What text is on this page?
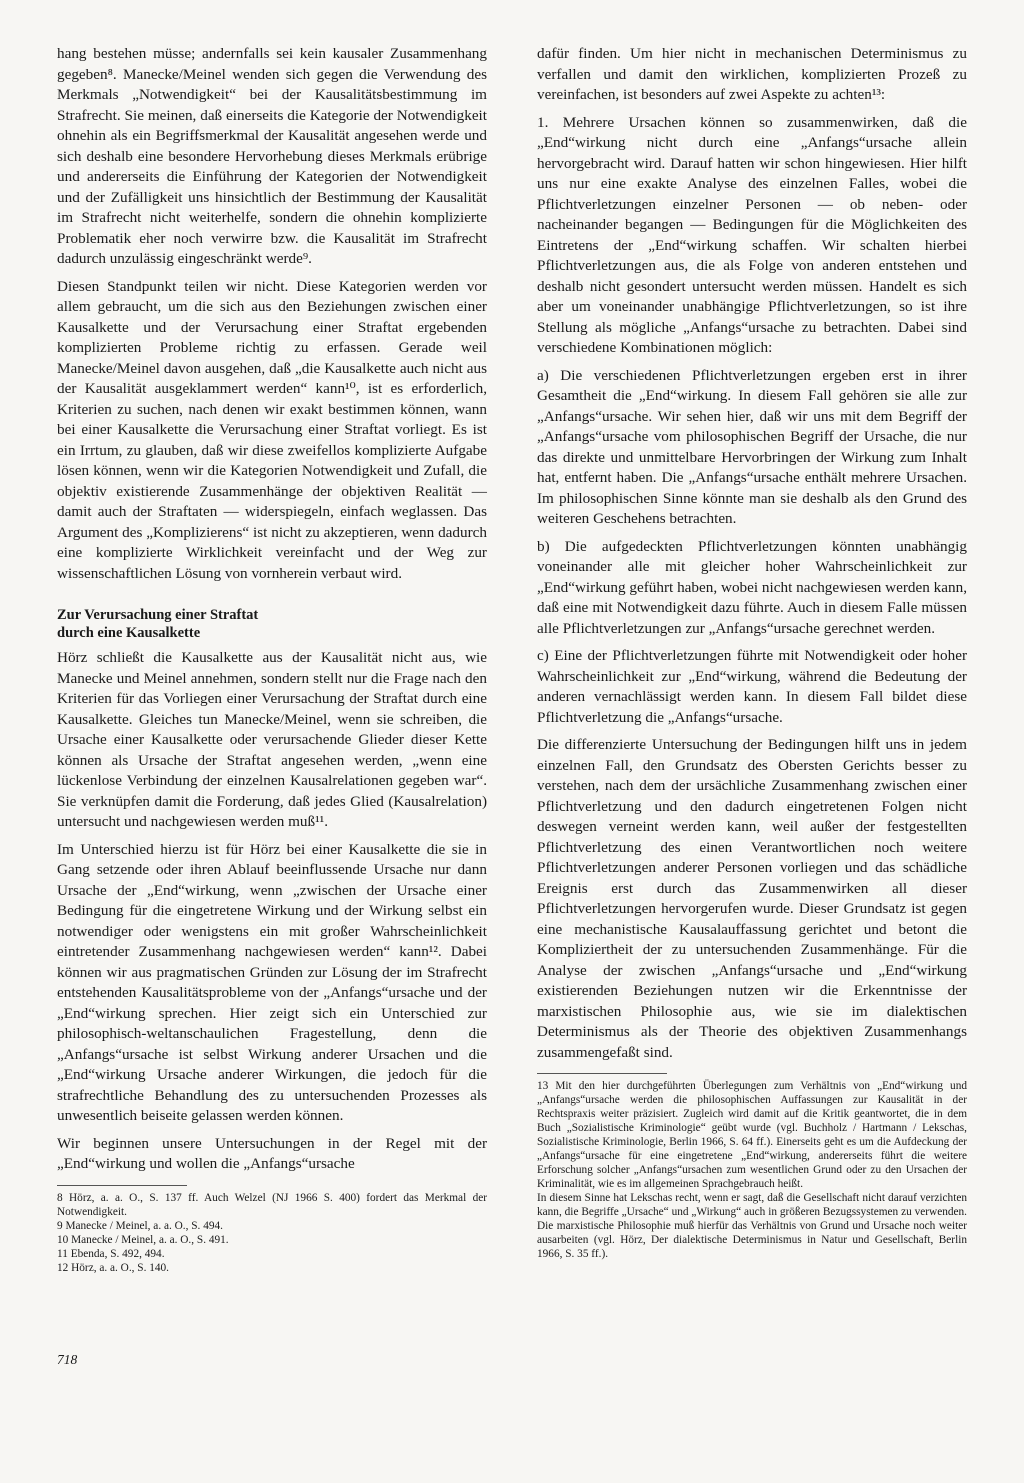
hang bestehen müsse; andernfalls sei kein kausaler Zusammenhang gegeben⁸. Manecke/Meinel wenden sich gegen die Verwendung des Merkmals „Notwendigkeit“ bei der Kausalitätsbestimmung im Strafrecht. Sie meinen, daß einerseits die Kategorie der Notwendigkeit ohnehin als ein Begriffsmerkmal der Kausalität angesehen werde und sich deshalb eine besondere Hervorhebung dieses Merkmals erübrige und andererseits die Einführung der Kategorien der Notwendigkeit und der Zufälligkeit uns hinsichtlich der Bestimmung der Kausalität im Strafrecht nicht weiterhelfe, sondern die ohnehin komplizierte Problematik eher noch verwirre bzw. die Kausalität im Strafrecht dadurch unzulässig eingeschränkt werde⁹.

Diesen Standpunkt teilen wir nicht. Diese Kategorien werden vor allem gebraucht, um die sich aus den Beziehungen zwischen einer Kausalkette und der Verursachung einer Straftat ergebenden komplizierten Probleme richtig zu erfassen. Gerade weil Manecke/Meinel davon ausgehen, daß „die Kausalkette auch nicht aus der Kausalität ausgeklammert werden“ kann¹⁰, ist es erforderlich, Kriterien zu suchen, nach denen wir exakt bestimmen können, wann bei einer Kausalkette die Verursachung einer Straftat vorliegt. Es ist ein Irrtum, zu glauben, daß wir diese zweifellos komplizierte Aufgabe lösen können, wenn wir die Kategorien Notwendigkeit und Zufall, die objektiv existierende Zusammenhänge der objektiven Realität — damit auch der Straftaten — widerspiegeln, einfach weglassen. Das Argument des „Komplizierens“ ist nicht zu akzeptieren, wenn dadurch eine komplizierte Wirklichkeit vereinfacht und der Weg zur wissenschaftlichen Lösung von vornherein verbaut wird.

Zur Verursachung einer Straftat
durch eine Kausalkette

Hörz schließt die Kausalkette aus der Kausalität nicht aus, wie Manecke und Meinel annehmen, sondern stellt nur die Frage nach den Kriterien für das Vorliegen einer Verursachung der Straftat durch eine Kausalkette. Gleiches tun Manecke/Meinel, wenn sie schreiben, die Ursache einer Kausalkette oder verursachende Glieder dieser Kette können als Ursache der Straftat angesehen werden, „wenn eine lückenlose Verbindung der einzelnen Kausalrelationen gegeben war“. Sie verknüpfen damit die Forderung, daß jedes Glied (Kausalrelation) untersucht und nachgewiesen werden muß¹¹.

Im Unterschied hierzu ist für Hörz bei einer Kausalkette die sie in Gang setzende oder ihren Ablauf beeinflussende Ursache nur dann Ursache der „End“wirkung, wenn „zwischen der Ursache einer Bedingung für die eingetretene Wirkung und der Wirkung selbst ein notwendiger oder wenigstens ein mit großer Wahrscheinlichkeit eintretender Zusammenhang nachgewiesen werden“ kann¹². Dabei können wir aus pragmatischen Gründen zur Lösung der im Strafrecht entstehenden Kausalitätsprobleme von der „Anfangs“ursache und der „End“wirkung sprechen. Hier zeigt sich ein Unterschied zur philosophisch-weltanschaulichen Fragestellung, denn die „Anfangs“ursache ist selbst Wirkung anderer Ursachen und die „End“wirkung Ursache anderer Wirkungen, die jedoch für die strafrechtliche Behandlung des zu untersuchenden Prozesses als unwesentlich beiseite gelassen werden können.

Wir beginnen unsere Untersuchungen in der Regel mit der „End“wirkung und wollen die „Anfangs“ursache

8 Hörz, a. a. O., S. 137 ff. Auch Welzel (NJ 1966 S. 400) fordert das Merkmal der Notwendigkeit.

9 Manecke / Meinel, a. a. O., S. 494.

10 Manecke / Meinel, a. a. O., S. 491.

11 Ebenda, S. 492, 494.

12 Hörz, a. a. O., S. 140.

dafür finden. Um hier nicht in mechanischen Determinismus zu verfallen und damit den wirklichen, komplizierten Prozeß zu vereinfachen, ist besonders auf zwei Aspekte zu achten¹³:

1. Mehrere Ursachen können so zusammenwirken, daß die „End“wirkung nicht durch eine „Anfangs“ursache allein hervorgebracht wird. Darauf hatten wir schon hingewiesen. Hier hilft uns nur eine exakte Analyse des einzelnen Falles, wobei die Pflichtverletzungen einzelner Personen — ob neben- oder nacheinander begangen — Bedingungen für die Möglichkeiten des Eintretens der „End“wirkung schaffen. Wir schalten hierbei Pflichtverletzungen aus, die als Folge von anderen entstehen und deshalb nicht gesondert untersucht werden müssen. Handelt es sich aber um voneinander unabhängige Pflichtverletzungen, so ist ihre Stellung als mögliche „Anfangs“ursache zu betrachten. Dabei sind verschiedene Kombinationen möglich:

a) Die verschiedenen Pflichtverletzungen ergeben erst in ihrer Gesamtheit die „End“wirkung. In diesem Fall gehören sie alle zur „Anfangs“ursache. Wir sehen hier, daß wir uns mit dem Begriff der „Anfangs“ursache vom philosophischen Begriff der Ursache, die nur das direkte und unmittelbare Hervorbringen der Wirkung zum Inhalt hat, entfernt haben. Die „Anfangs“ursache enthält mehrere Ursachen. Im philosophischen Sinne könnte man sie deshalb als den Grund des weiteren Geschehens betrachten.

b) Die aufgedeckten Pflichtverletzungen könnten unabhängig voneinander alle mit gleicher hoher Wahrscheinlichkeit zur „End“wirkung geführt haben, wobei nicht nachgewiesen werden kann, daß eine mit Notwendigkeit dazu führte. Auch in diesem Falle müssen alle Pflichtverletzungen zur „Anfangs“ursache gerechnet werden.

c) Eine der Pflichtverletzungen führte mit Notwendigkeit oder hoher Wahrscheinlichkeit zur „End“wirkung, während die Bedeutung der anderen vernachlässigt werden kann. In diesem Fall bildet diese Pflichtverletzung die „Anfangs“ursache.

Die differenzierte Untersuchung der Bedingungen hilft uns in jedem einzelnen Fall, den Grundsatz des Obersten Gerichts besser zu verstehen, nach dem der ursächliche Zusammenhang zwischen einer Pflichtverletzung und den dadurch eingetretenen Folgen nicht deswegen verneint werden kann, weil außer der festgestellten Pflichtverletzung des einen Verantwortlichen noch weitere Pflichtverletzungen anderer Personen vorliegen und das schädliche Ereignis erst durch das Zusammenwirken all dieser Pflichtverletzungen hervorgerufen wurde. Dieser Grundsatz ist gegen eine mechanistische Kausalauffassung gerichtet und betont die Kompliziertheit der zu untersuchenden Zusammenhänge. Für die Analyse der zwischen „Anfangs“ursache und „End“wirkung existierenden Beziehungen nutzen wir die Erkenntnisse der marxistischen Philosophie aus, wie sie im dialektischen Determinismus als der Theorie des objektiven Zusammenhangs zusammengefaßt sind.

13 Mit den hier durchgeführten Überlegungen zum Verhältnis von „End“wirkung und „Anfangs“ursache werden die philosophischen Auffassungen zur Kausalität in der Rechtspraxis weiter präzisiert. Zugleich wird damit auf die Kritik geantwortet, die in dem Buch „Sozialistische Kriminologie“ geübt wurde (vgl. Buchholz / Hartmann / Lekschas, Sozialistische Kriminologie, Berlin 1966, S. 64 ff.). Einerseits geht es um die Aufdeckung der „Anfangs“ursache für eine eingetretene „End“wirkung, andererseits führt die weitere Erforschung solcher „Anfangs“ursachen zum wesentlichen Grund oder zu den Ursachen der Kriminalität, wie es im allgemeinen Sprachgebrauch heißt.

In diesem Sinne hat Lekschas recht, wenn er sagt, daß die Gesellschaft nicht darauf verzichten kann, die Begriffe „Ursache“ und „Wirkung“ auch in größeren Bezugssystemen zu verwenden. Die marxistische Philosophie muß hierfür das Verhältnis von Grund und Ursache noch weiter ausarbeiten (vgl. Hörz, Der dialektische Determinismus in Natur und Gesellschaft, Berlin 1966, S. 35 ff.).

718
